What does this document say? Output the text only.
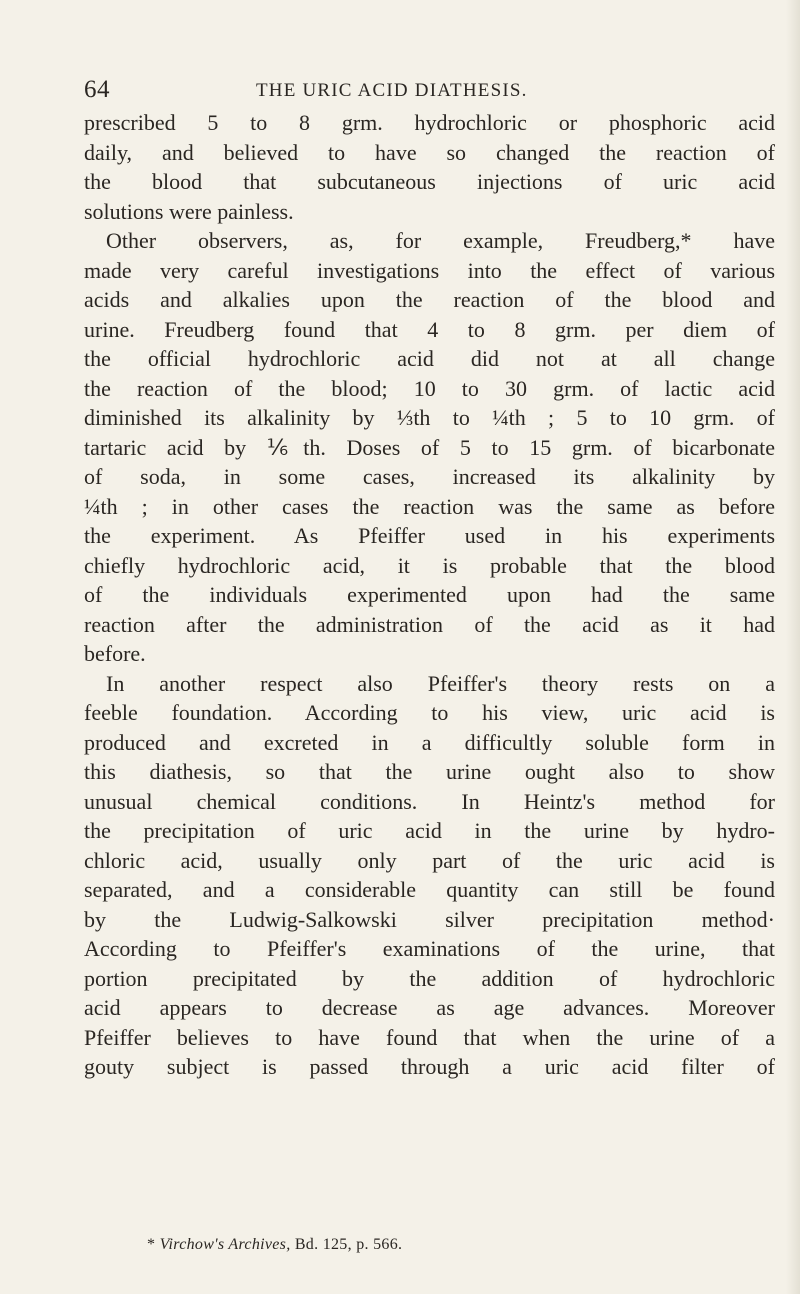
64	THE URIC ACID DIATHESIS.
prescribed 5 to 8 grm. hydrochloric or phosphoric acid
daily, and believed to have so changed the reaction of
the blood that subcutaneous injections of uric acid
solutions were painless.
Other observers, as, for example, Freudberg,* have
made very careful investigations into the effect of various
acids and alkalies upon the reaction of the blood and
urine. Freudberg found that 4 to 8 grm. per diem of
the official hydrochloric acid did not at all change
the reaction of the blood; 10 to 30 grm. of lactic acid
diminished its alkalinity by ⅓th to ¼th ; 5 to 10 grm. of
tartaric acid by ⅙th. Doses of 5 to 15 grm. of bicarbonate
of soda, in some cases, increased its alkalinity by
¼th ; in other cases the reaction was the same as before
the experiment. As Pfeiffer used in his experiments
chiefly hydrochloric acid, it is probable that the blood
of the individuals experimented upon had the same
reaction after the administration of the acid as it had
before.
In another respect also Pfeiffer's theory rests on a
feeble foundation. According to his view, uric acid is
produced and excreted in a difficultly soluble form in
this diathesis, so that the urine ought also to show
unusual chemical conditions. In Heintz's method for
the precipitation of uric acid in the urine by hydro-
chloric acid, usually only part of the uric acid is
separated, and a considerable quantity can still be found
by the Ludwig-Salkowski silver precipitation method·
According to Pfeiffer's examinations of the urine, that
portion precipitated by the addition of hydrochloric
acid appears to decrease as age advances. Moreover
Pfeiffer believes to have found that when the urine of a
gouty subject is passed through a uric acid filter of
* Virchow's Archives, Bd. 125, p. 566.
